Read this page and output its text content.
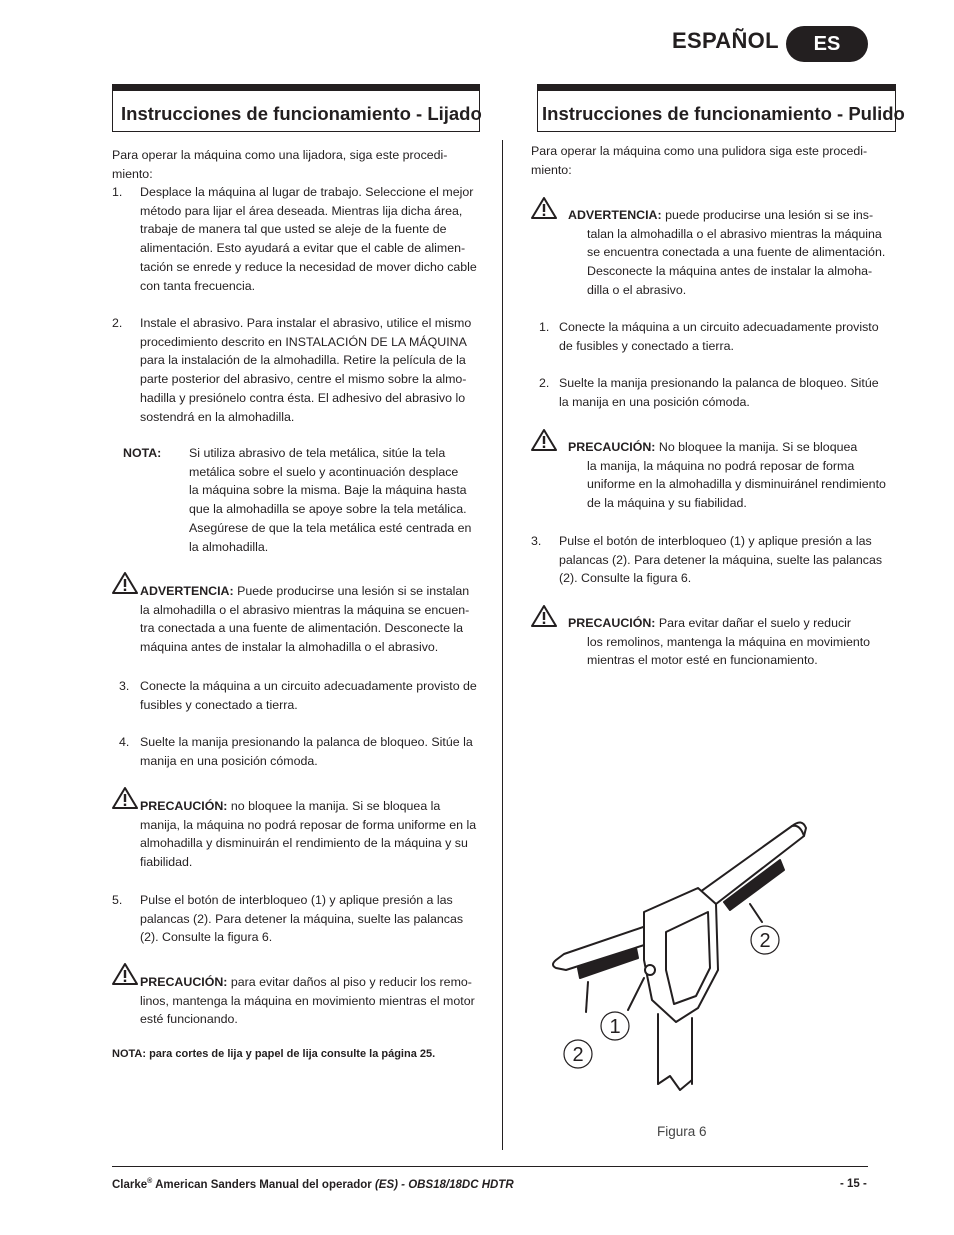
ESPAÑOL	ES
Instrucciones de funcionamiento - Lijado
Para operar la máquina como una lijadora, siga este procedi-
miento:
1.	Desplace la máquina al lugar de trabajo. Seleccione el mejor
método para lijar el área deseada. Mientras lija dicha área,
trabaje de manera tal que usted se aleje de la fuente de
alimentación. Esto ayudará a evitar que el cable de alimen-
tación se enrede y reduce la necesidad de mover dicho cable
con tanta frecuencia.
2.	Instale el abrasivo. Para instalar el abrasivo, utilice el mismo
procedimiento descrito en INSTALACIÓN DE LA MÁQUINA
para la instalación de la almohadilla. Retire la película de la
parte posterior del abrasivo, centre el mismo sobre la almo-
hadilla y presiónelo contra ésta. El adhesivo del abrasivo lo
sostendrá en la almohadilla.
NOTA: Si utiliza abrasivo de tela metálica, sitúe la tela
metálica sobre el suelo y acontinuación desplace
la máquina sobre la misma. Baje la máquina hasta
que la almohadilla se apoye sobre la tela metálica.
Asegúrese de que la tela metálica esté centrada en
la almohadilla.
ADVERTENCIA: Puede producirse una lesión si se instalan
la almohadilla o el abrasivo mientras la máquina se encuen-
tra conectada a una fuente de alimentación. Desconecte la
máquina antes de instalar la almohadilla o el abrasivo.
3. Conecte la máquina a un circuito adecuadamente provisto de
fusibles y conectado a tierra.
4. Suelte la manija presionando la palanca de bloqueo. Sitúe la
manija en una posición cómoda.
PRECAUCIÓN: no bloquee la manija. Si se bloquea la
manija, la máquina no podrá reposar de forma uniforme en la
almohadilla y disminuirán el rendimiento de la máquina y su
fiabilidad.
5.	Pulse el botón de interbloqueo (1) y aplique presión a las
palancas (2). Para detener la máquina, suelte las palancas
(2). Consulte la figura 6.
PRECAUCIÓN: para evitar daños al piso y reducir los remo-
linos, mantenga la máquina en movimiento mientras el motor
esté funcionando.
NOTA: para cortes de lija y papel de lija consulte la página 25.
Instrucciones de funcionamiento - Pulido
Para operar la máquina como una pulidora siga este procedi-
miento:
ADVERTENCIA: puede producirse una lesión si se ins-
talan la almohadilla o el abrasivo mientras la máquina
se encuentra conectada a una fuente de alimentación.
Desconecte la máquina antes de instalar la almoha-
dilla o el abrasivo.
1. Conecte la máquina a un circuito adecuadamente provisto
de fusibles y conectado a tierra.
2. Suelte la manija presionando la palanca de bloqueo. Sitúe
la manija en una posición cómoda.
PRECAUCIÓN: No bloquee la manija. Si se bloquea
la manija, la máquina no podrá reposar de forma
uniforme en la almohadilla y disminuiránel rendimiento
de la máquina y su fiabilidad.
3.	Pulse el botón de interbloqueo (1) y aplique presión a las
palancas (2). Para detener la máquina, suelte las palancas
(2). Consulte la figura 6.
PRECAUCIÓN: Para evitar dañar el suelo y reducir
los remolinos, mantenga la máquina en movimiento
mientras el motor esté en funcionamiento.
2
1
2
Figura 6
Clarke® American Sanders Manual del operador (ES) - OBS18/18DC HDTR	- 15 -
